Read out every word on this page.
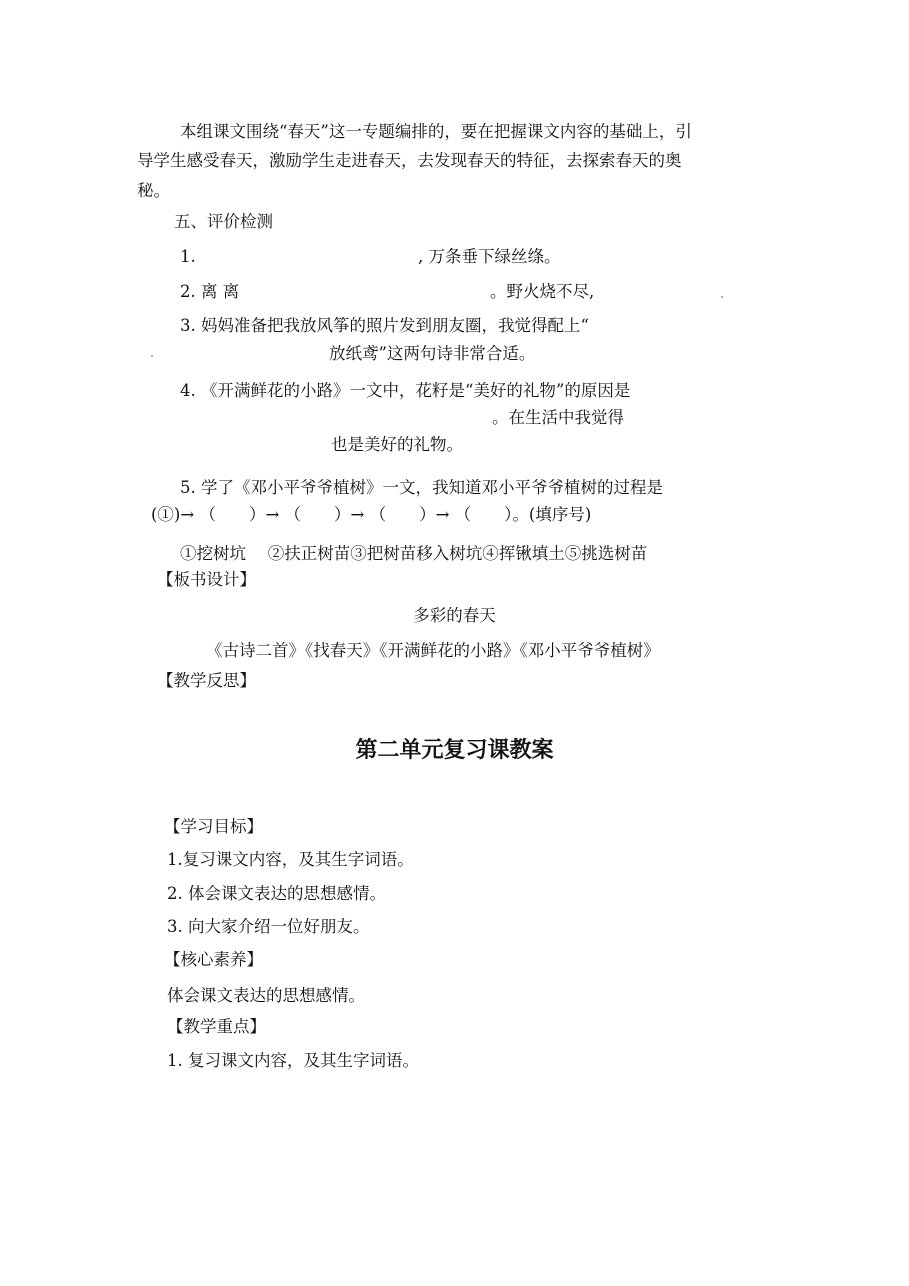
本组课文围绕“春天”这一专题编排的，要在把握课文内容的基础上，引
导学生感受春天，激励学生走进春天，去发现春天的特征，去探索春天的奥
秘。
五、评价检测
1.	, 万条垂下绿丝绦。
2. 离 离	。野火烧不尽,
3. 妈妈准备把我放风筝的照片发到朋友圈，我觉得配上“
放纸鸢”这两句诗非常合适。
4. 《开满鲜花的小路》一文中，花籽是“美好的礼物”的原因是
。在生活中我觉得
也是美好的礼物。
5. 学了《邓小平爷爷植树》一文，我知道邓小平爷爷植树的过程是
(①)→ （　　）→ （　　）→ （　　）→ （　　）。(填序号)
①挖树坑　 ②扶正树苗③把树苗移入树坑④挥锹填土⑤挑选树苗
【板书设计】
多彩的春天
《古诗二首》《找春天》《开满鲜花的小路》《邓小平爷爷植树》
【教学反思】
第二单元复习课教案
【学习目标】
1.复习课文内容，及其生字词语。
2. 体会课文表达的思想感情。
3. 向大家介绍一位好朋友。
【核心素养】
体会课文表达的思想感情。
【教学重点】
1. 复习课文内容，及其生字词语。
